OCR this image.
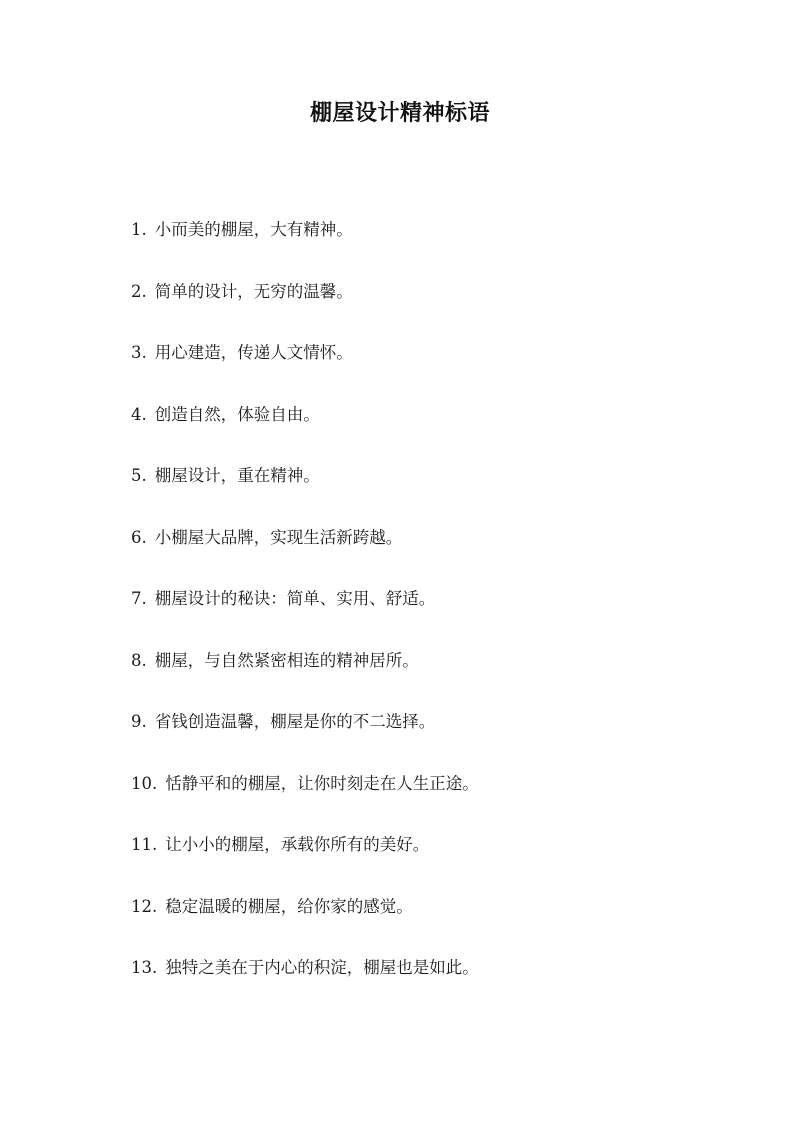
棚屋设计精神标语
1. 小而美的棚屋，大有精神。
2. 简单的设计，无穷的温馨。
3. 用心建造，传递人文情怀。
4. 创造自然，体验自由。
5. 棚屋设计，重在精神。
6. 小棚屋大品牌，实现生活新跨越。
7. 棚屋设计的秘诀：简单、实用、舒适。
8. 棚屋，与自然紧密相连的精神居所。
9. 省钱创造温馨，棚屋是你的不二选择。
10. 恬静平和的棚屋，让你时刻走在人生正途。
11. 让小小的棚屋，承载你所有的美好。
12. 稳定温暖的棚屋，给你家的感觉。
13. 独特之美在于内心的积淀，棚屋也是如此。
